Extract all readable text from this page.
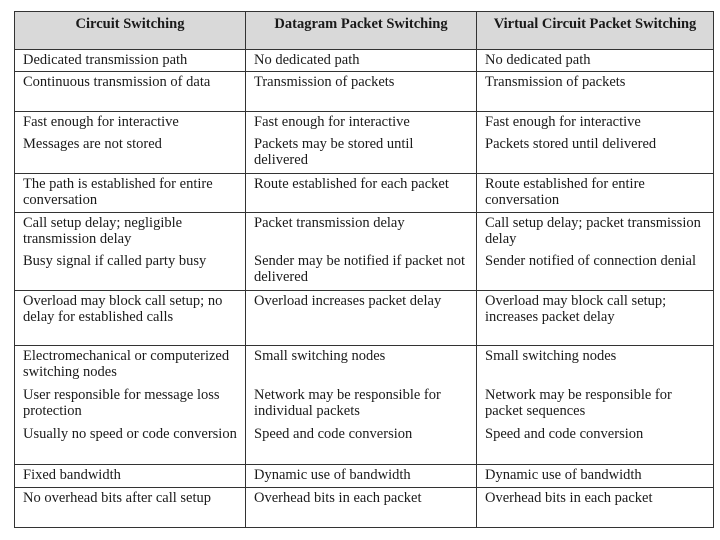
Circuit Switching	Datagram Packet Switching	Virtual Circuit Packet Switching
Dedicated transmission path	No dedicated path	No dedicated path
Continuous transmission of data	Transmission of packets	Transmission of packets
Fast enough for interactive	Fast enough for interactive	Fast enough for interactive
Messages are not stored	Packets may be stored until delivered	Packets stored until delivered
The path is established for entire conversation	Route established for each packet	Route established for entire conversation
Call setup delay; negligible transmission delay	Packet transmission delay	Call setup delay; packet transmission delay
Busy signal if called party busy	Sender may be notified if packet not delivered	Sender notified of connection denial
Overload may block call setup; no delay for established calls	Overload increases packet delay	Overload may block call setup; increases packet delay
Electromechanical or computerized switching nodes	Small switching nodes	Small switching nodes
User responsible for message loss protection	Network may be responsible for individual packets	Network may be responsible for packet sequences
Usually no speed or code conversion	Speed and code conversion	Speed and code conversion
Fixed bandwidth	Dynamic use of bandwidth	Dynamic use of bandwidth
No overhead bits after call setup	Overhead bits in each packet	Overhead bits in each packet
